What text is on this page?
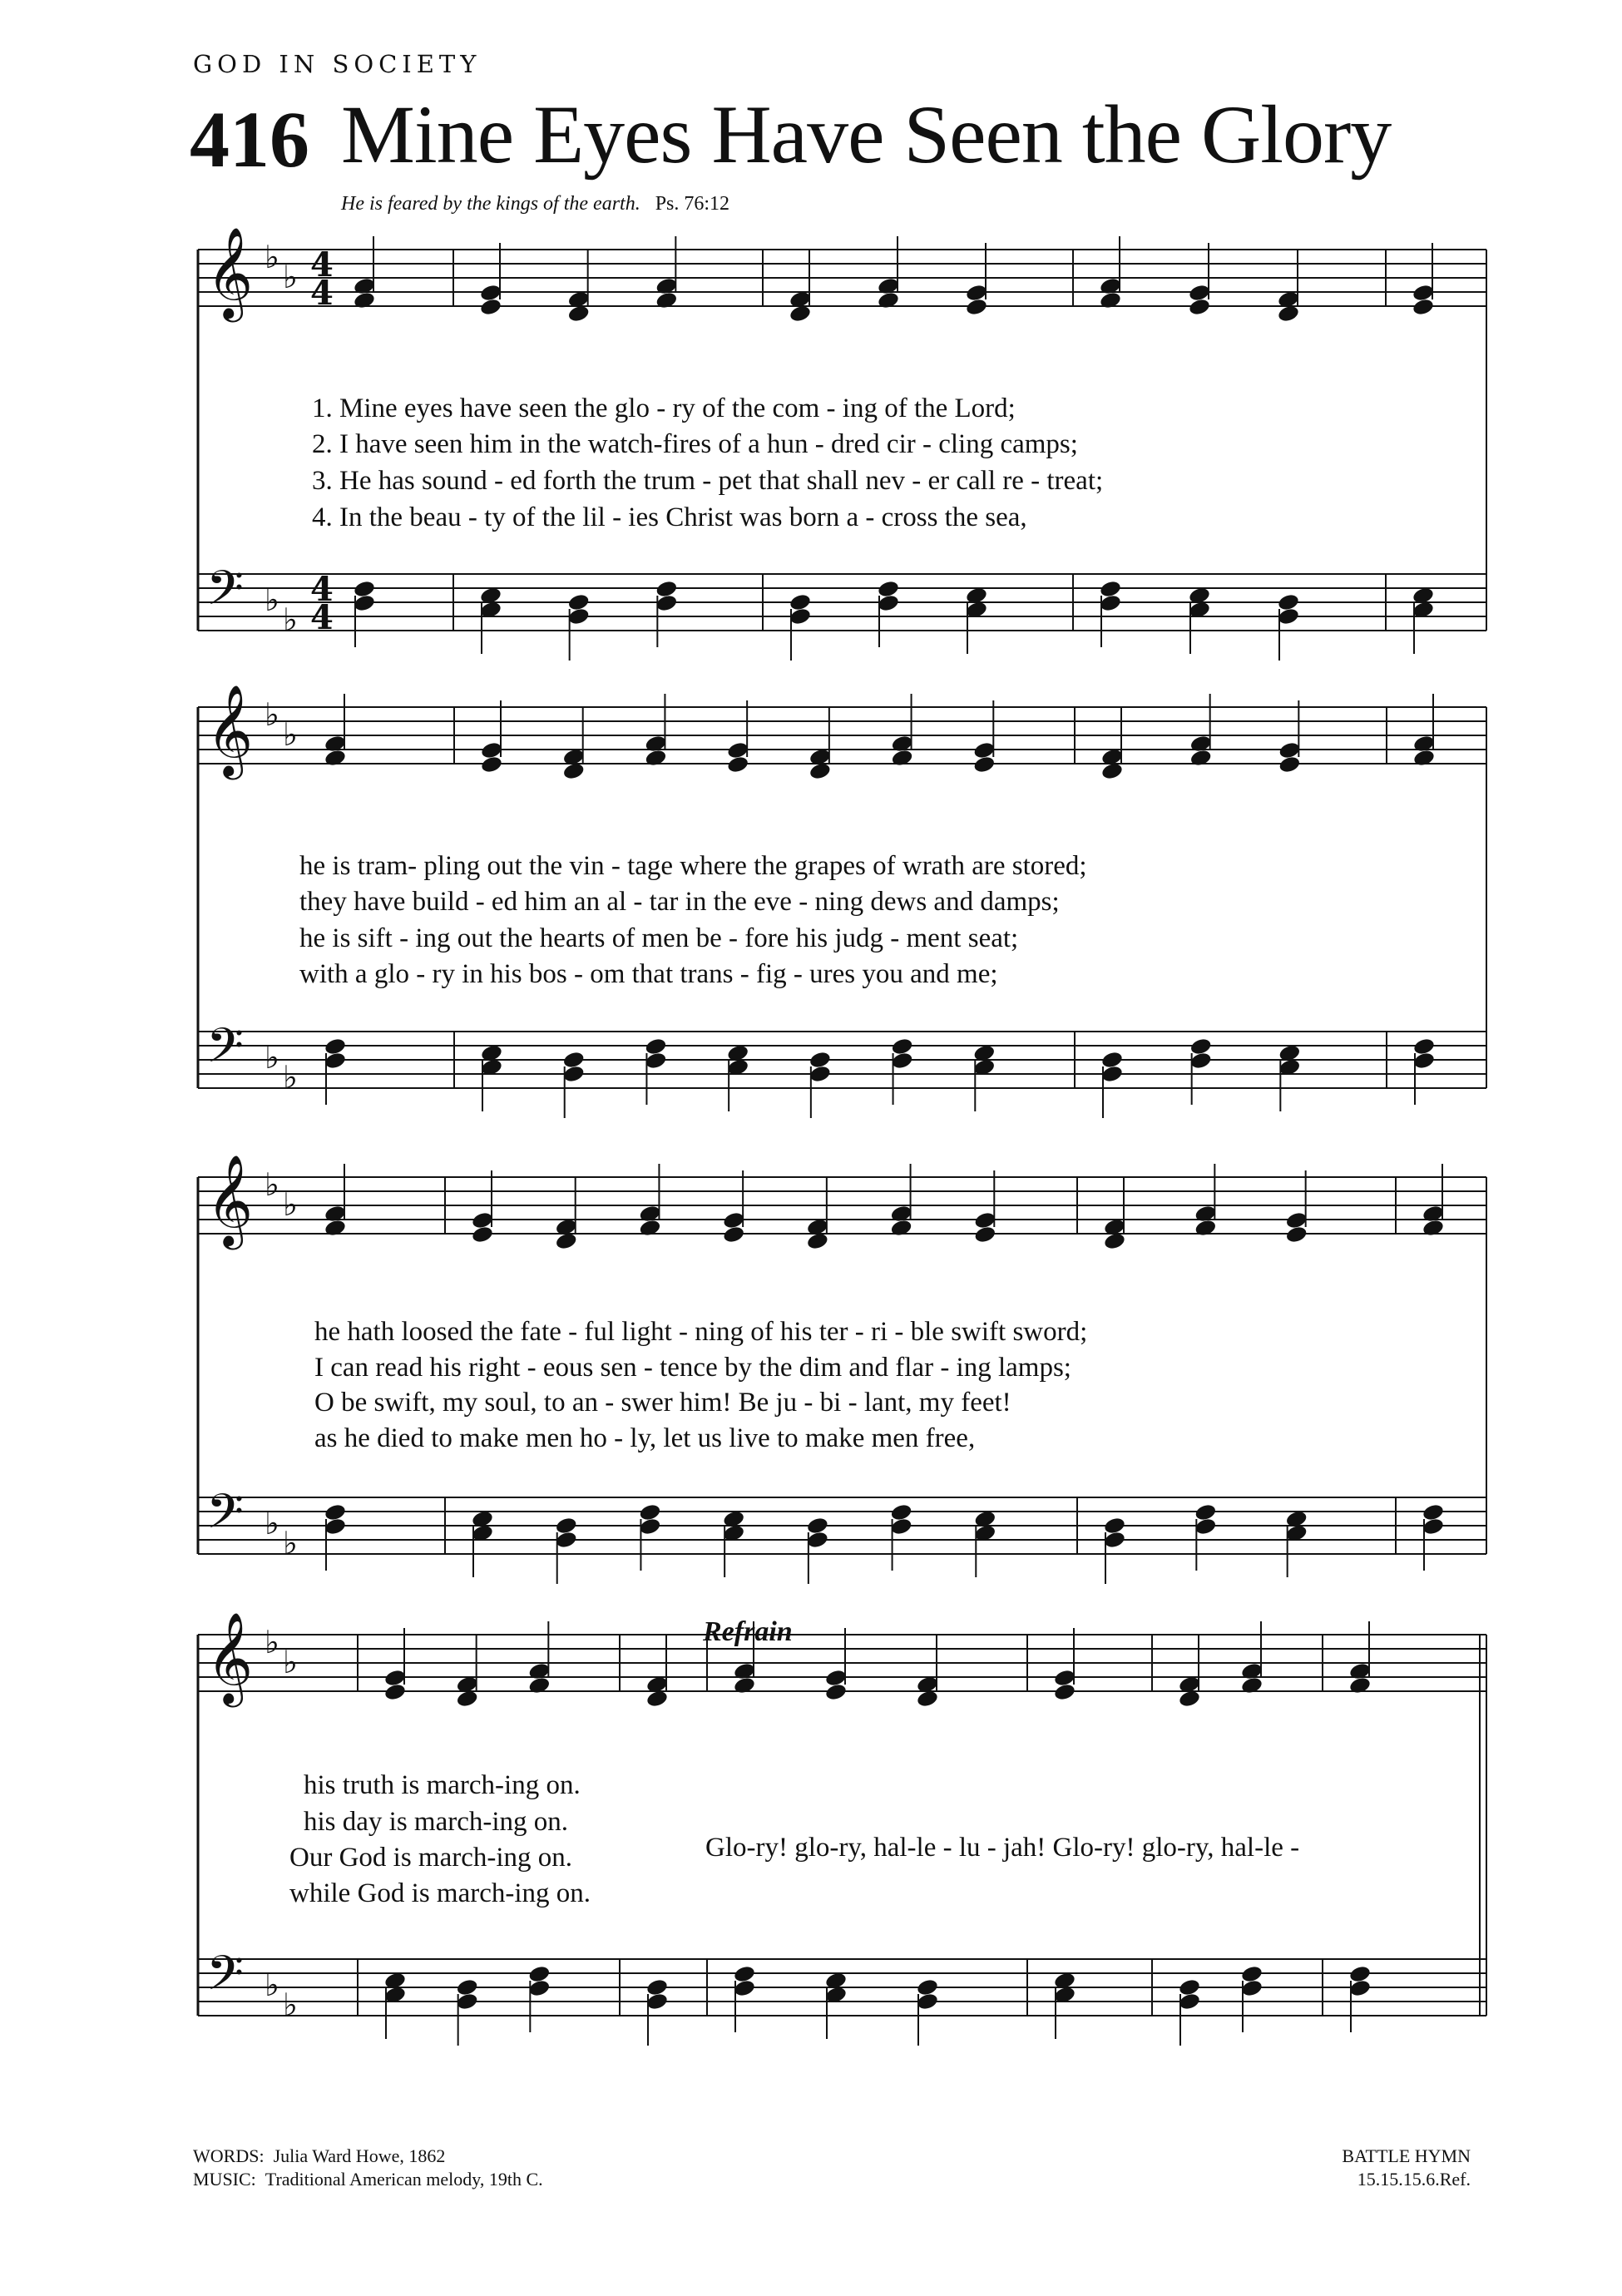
GOD IN SOCIETY
416 Mine Eyes Have Seen the Glory
He is feared by the kings of the earth. Ps. 76:12
𝄞 ♭
♭ 4
4
𝄢 ♭
♭
4
4
𝄞 ♭
♭
𝄢 ♭
♭
𝄞 ♭
♭
𝄢 ♭
♭
𝄞 ♭
♭
𝄢 ♭
♭
1. Mine eyes have seen the glo - ry of the com - ing of the Lord;
2. I have seen him in the watch-fires of a hun - dred cir - cling camps;
3. He has sound - ed forth the trum - pet that shall nev - er call re - treat;
4. In the beau - ty of the lil - ies Christ was born a - cross the sea,
he is tram- pling out the vin - tage where the grapes of wrath are stored;
they have build - ed him an al - tar in the eve - ning dews and damps;
he is sift - ing out the hearts of men be - fore his judg - ment seat;
with a glo - ry in his bos - om that trans - fig - ures you and me;
he hath loosed the fate - ful light - ning of his ter - ri - ble swift sword;
I can read his right - eous sen - tence by the dim and flar - ing lamps;
O be swift, my soul, to an - swer him! Be ju - bi - lant, my feet!
as he died to make men ho - ly, let us live to make men free,
Refrain
his truth is march-ing on.
his day is march-ing on.
Our God is march-ing on.
while God is march-ing on.
Glo-ry! glo-ry, hal-le - lu - jah! Glo-ry! glo-ry, hal-le -
WORDS: Julia Ward Howe, 1862
MUSIC: Traditional American melody, 19th C.
BATTLE HYMN
15.15.15.6.Ref.
